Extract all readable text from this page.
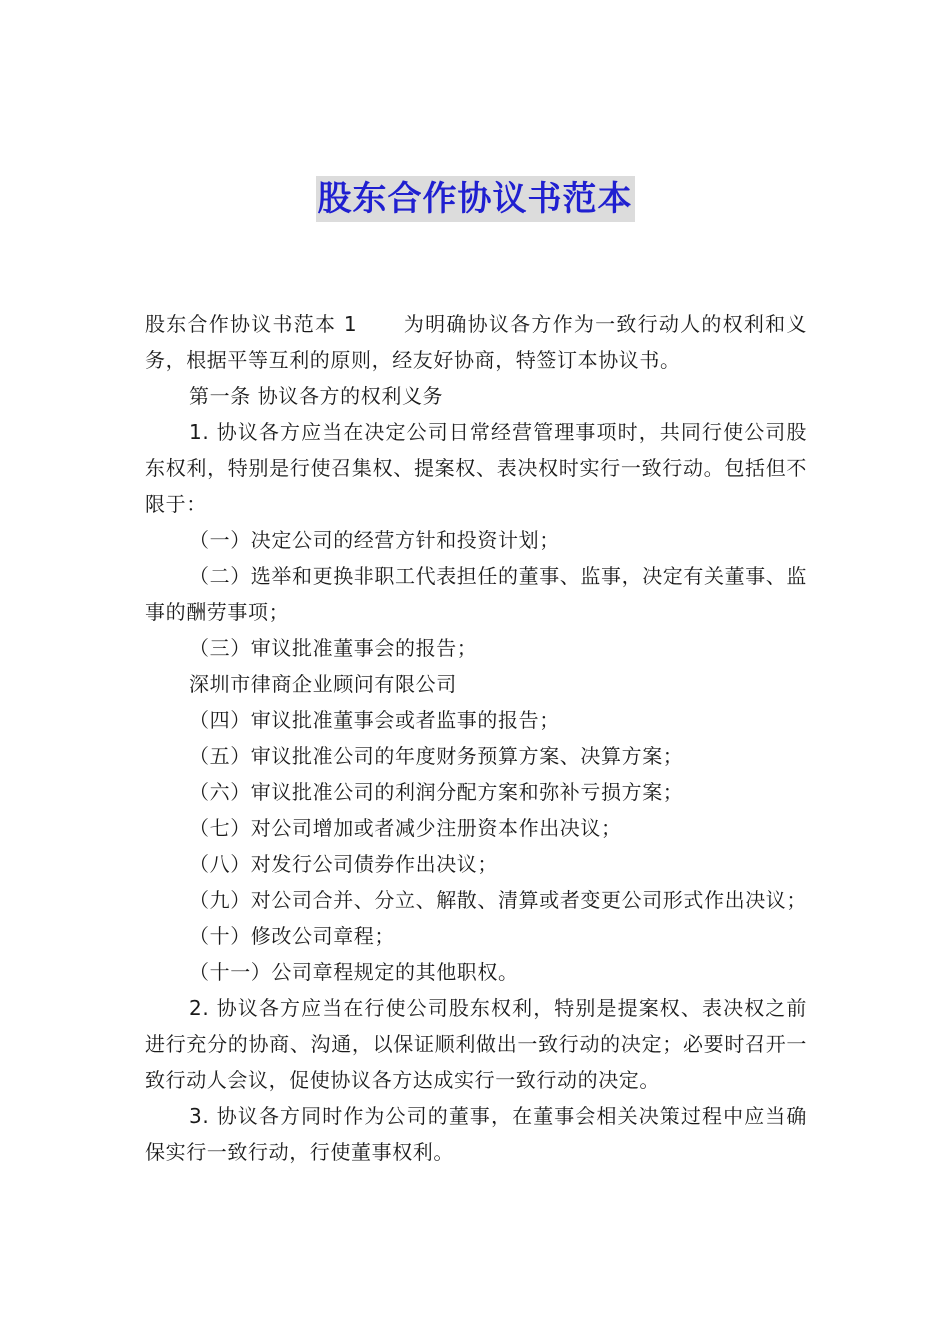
股东合作协议书范本

股东合作协议书范本 1 为明确协议各方作为一致行动人的权利和义务，根据平等互利的原则，经友好协商，特签订本协议书。

第一条 协议各方的权利义务

1. 协议各方应当在决定公司日常经营管理事项时，共同行使公司股东权利，特别是行使召集权、提案权、表决权时实行一致行动。包括但不限于：

（一）决定公司的经营方针和投资计划；

（二）选举和更换非职工代表担任的董事、监事，决定有关董事、监事的酬劳事项；

（三）审议批准董事会的报告；

深圳市律商企业顾问有限公司

（四）审议批准董事会或者监事的报告；

（五）审议批准公司的年度财务预算方案、决算方案；

（六）审议批准公司的利润分配方案和弥补亏损方案；

（七）对公司增加或者减少注册资本作出决议；

（八）对发行公司债券作出决议；

（九）对公司合并、分立、解散、清算或者变更公司形式作出决议；

（十）修改公司章程；

（十一）公司章程规定的其他职权。

2. 协议各方应当在行使公司股东权利，特别是提案权、表决权之前进行充分的协商、沟通，以保证顺利做出一致行动的决定；必要时召开一致行动人会议，促使协议各方达成实行一致行动的决定。

3. 协议各方同时作为公司的董事，在董事会相关决策过程中应当确保实行一致行动，行使董事权利。
